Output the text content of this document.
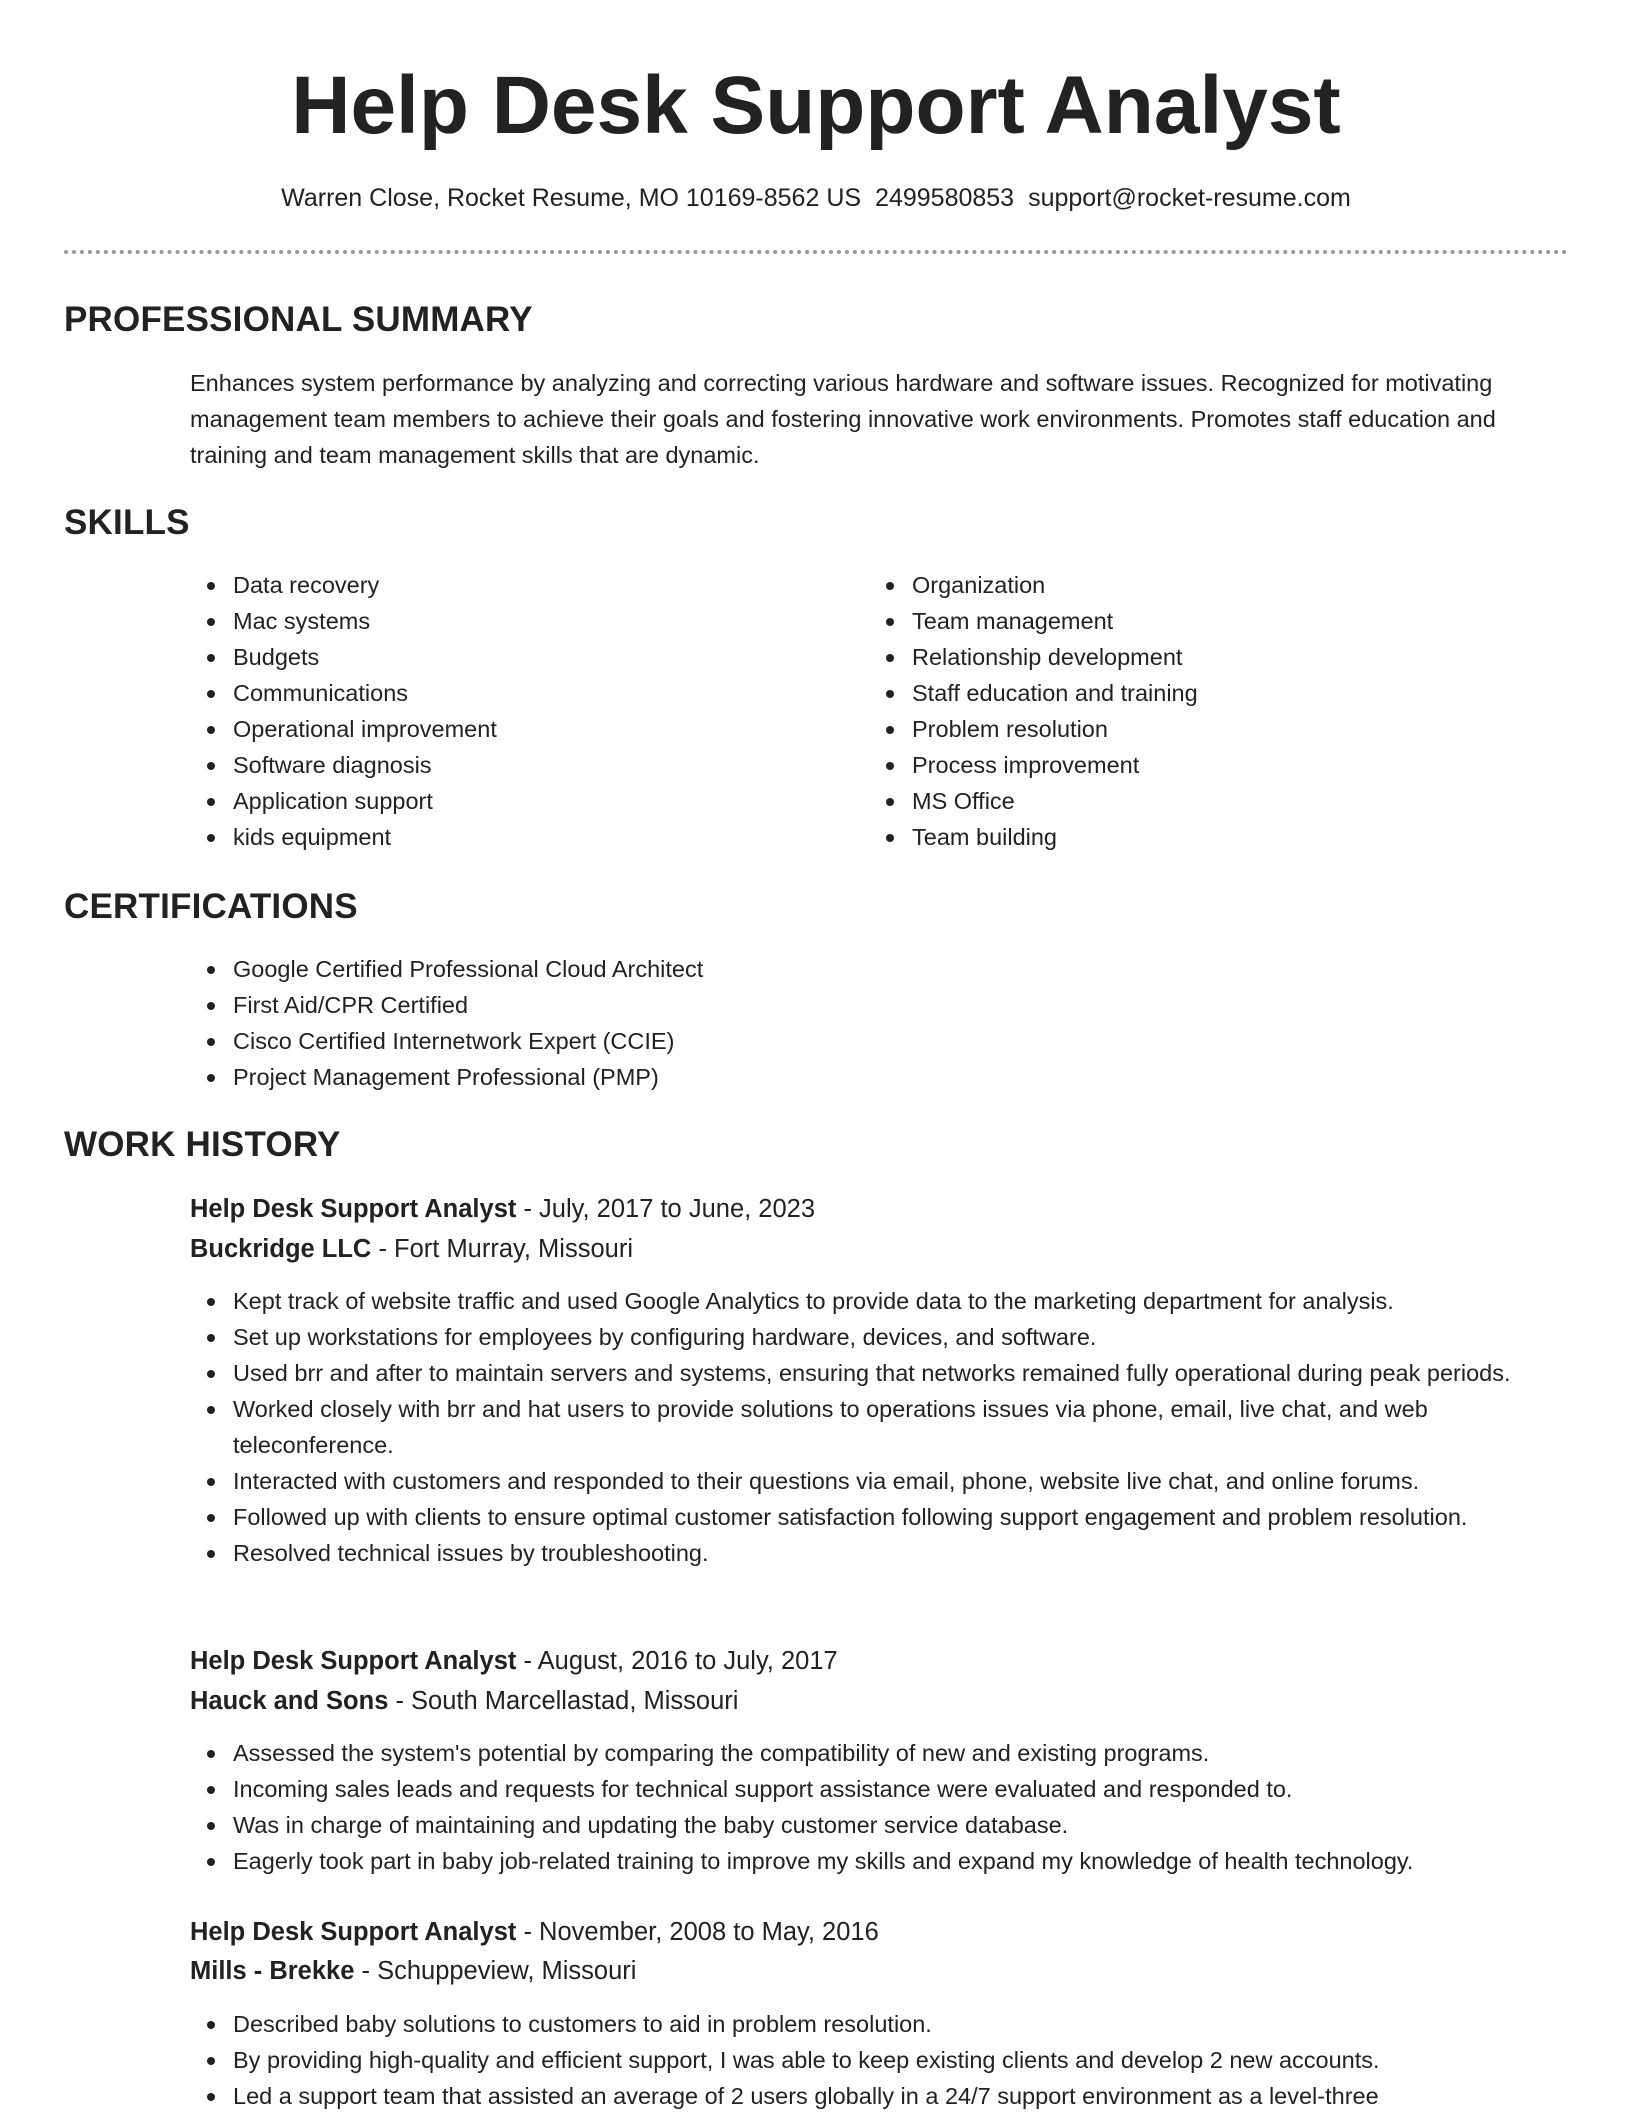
Help Desk Support Analyst
Warren Close, Rocket Resume, MO 10169-8562 US 2499580853 support@rocket-resume.com
PROFESSIONAL SUMMARY

Enhances system performance by analyzing and correcting various hardware and software issues. Recognized for motivating management team members to achieve their goals and fostering innovative work environments. Promotes staff education and training and team management skills that are dynamic.

SKILLS
Data recovery
Mac systems
Budgets
Communications
Operational improvement
Software diagnosis
Application support
kids equipment
Organization
Team management
Relationship development
Staff education and training
Problem resolution
Process improvement
MS Office
Team building
CERTIFICATIONS
Google Certified Professional Cloud Architect
First Aid/CPR Certified
Cisco Certified Internetwork Expert (CCIE)
Project Management Professional (PMP)
WORK HISTORY
Help Desk Support Analyst - July, 2017 to June, 2023
Buckridge LLC - Fort Murray, Missouri
Kept track of website traffic and used Google Analytics to provide data to the marketing department for analysis.
Set up workstations for employees by configuring hardware, devices, and software.
Used brr and after to maintain servers and systems, ensuring that networks remained fully operational during peak periods.
Worked closely with brr and hat users to provide solutions to operations issues via phone, email, live chat, and web teleconference.
Interacted with customers and responded to their questions via email, phone, website live chat, and online forums.
Followed up with clients to ensure optimal customer satisfaction following support engagement and problem resolution.
Resolved technical issues by troubleshooting.
Help Desk Support Analyst - August, 2016 to July, 2017
Hauck and Sons - South Marcellastad, Missouri
Assessed the system's potential by comparing the compatibility of new and existing programs.
Incoming sales leads and requests for technical support assistance were evaluated and responded to.
Was in charge of maintaining and updating the baby customer service database.
Eagerly took part in baby job-related training to improve my skills and expand my knowledge of health technology.
Help Desk Support Analyst - November, 2008 to May, 2016
Mills - Brekke - Schuppeview, Missouri
Described baby solutions to customers to aid in problem resolution.
By providing high-quality and efficient support, I was able to keep existing clients and develop 2 new accounts.
Led a support team that assisted an average of 2 users globally in a 24/7 support environment as a level-three
